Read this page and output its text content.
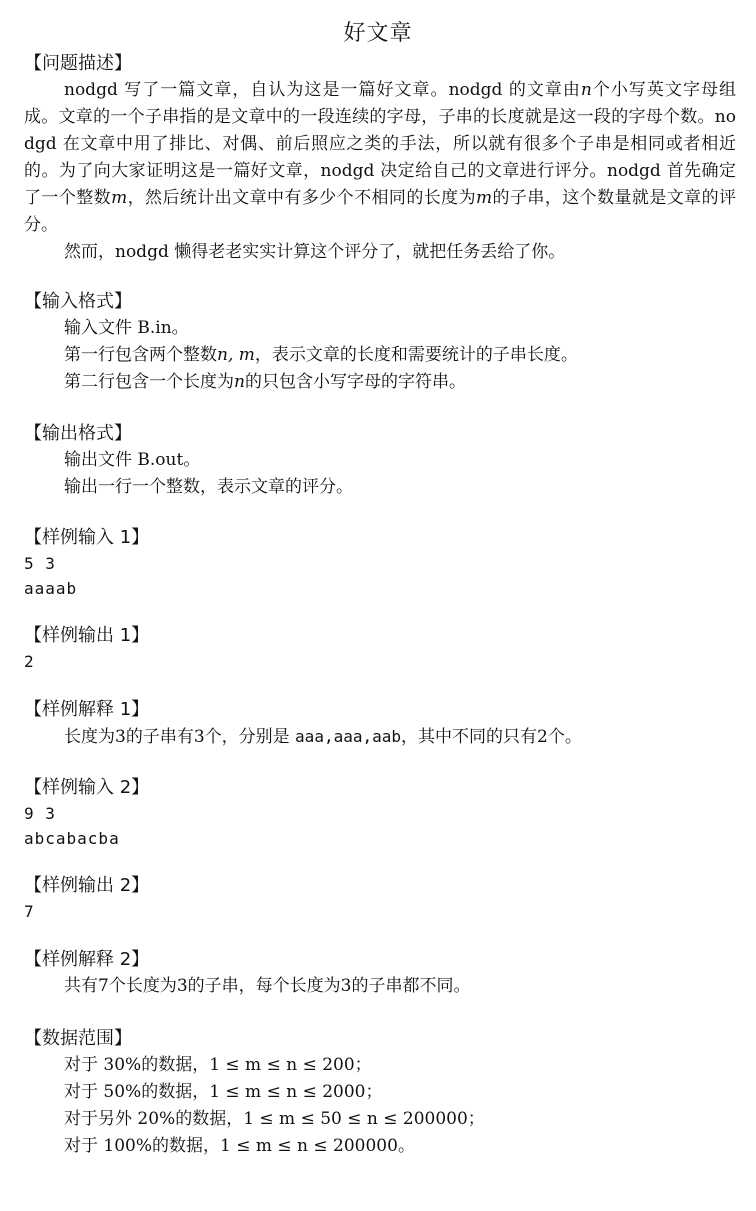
好文章
【问题描述】
nodgd 写了一篇文章，自认为这是一篇好文章。nodgd 的文章由n个小写英文字母组成。文章的一个子串指的是文章中的一段连续的字母，子串的长度就是这一段的字母个数。nodgd 在文章中用了排比、对偶、前后照应之类的手法，所以就有很多个子串是相同或者相近的。为了向大家证明这是一篇好文章，nodgd 决定给自己的文章进行评分。nodgd 首先确定了一个整数m，然后统计出文章中有多少个不相同的长度为m的子串，这个数量就是文章的评分。
然而，nodgd 懒得老老实实计算这个评分了，就把任务丢给了你。
【输入格式】
输入文件 B.in。
第一行包含两个整数n, m，表示文章的长度和需要统计的子串长度。
第二行包含一个长度为n的只包含小写字母的字符串。
【输出格式】
输出文件 B.out。
输出一行一个整数，表示文章的评分。
【样例输入 1】
5 3
aaaab
【样例输出 1】
2
【样例解释 1】
长度为3的子串有3个，分别是 aaa,aaa,aab，其中不同的只有2个。
【样例输入 2】
9 3
abcabacba
【样例输出 2】
7
【样例解释 2】
共有7个长度为3的子串，每个长度为3的子串都不同。
【数据范围】
对于 30%的数据，1 ≤ m ≤ n ≤ 200；
对于 50%的数据，1 ≤ m ≤ n ≤ 2000；
对于另外 20%的数据，1 ≤ m ≤ 50 ≤ n ≤ 200000；
对于 100%的数据，1 ≤ m ≤ n ≤ 200000。
